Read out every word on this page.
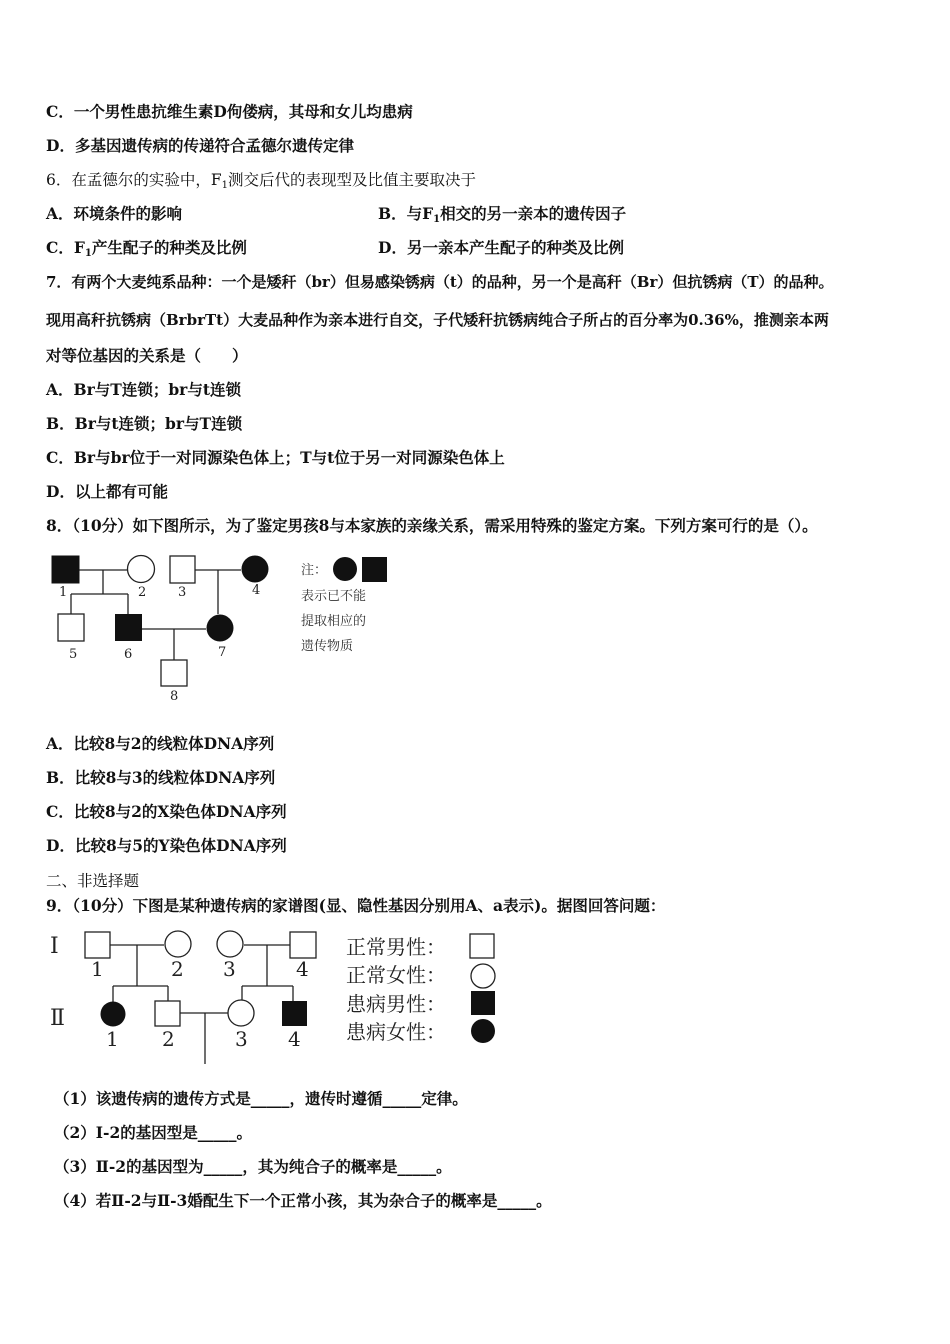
C．一个男性患抗维生素D佝偻病，其母和女儿均患病
D．多基因遗传病的传递符合孟德尔遗传定律
6．在孟德尔的实验中，$F_1$测交后代的表现型及比值主要取决于
A．环境条件的影响	B．与$F_1$相交的另一亲本的遗传因子
C．$F_1$产生配子的种类及比例	D．另一亲本产生配子的种类及比例
7．有两个大麦纯系品种：一个是矮秆（br）但易感染锈病（t）的品种，另一个是高秆（Br）但抗锈病（T）的品种。
现用高秆抗锈病（BrbrTt）大麦品种作为亲本进行自交，子代矮秆抗锈病纯合子所占的百分率为0.36%，推测亲本两
对等位基因的关系是（　　）
A．Br与T连锁；br与t连锁
B．Br与t连锁；br与T连锁
C．Br与br位于一对同源染色体上；T与t位于另一对同源染色体上
D．以上都有可能
8．（10分）如下图所示，为了鉴定男孩8与本家族的亲缘关系，需采用特殊的鉴定方案。下列方案可行的是（）。
1	2 3	4
5	6	7
8
注：
表示已不能
提取相应的
遗传物质
A．比较8与2的线粒体DNA序列
B．比较8与3的线粒体DNA序列
C．比较8与2的X染色体DNA序列
D．比较8与5的Y染色体DNA序列
二、非选择题
9．（10分）下图是某种遗传病的家谱图(显、隐性基因分别用A、a表示)。据图回答问题：
Ⅰ
Ⅱ
1	2 3	4
1 2	3 4
正常男性：
正常女性：
患病男性：
患病女性：
（1）该遗传病的遗传方式是_____，遗传时遵循_____定律。
（2）Ⅰ-2的基因型是_____。
（3）Ⅱ-2的基因型为_____，其为纯合子的概率是_____。
（4）若Ⅱ-2与Ⅱ-3婚配生下一个正常小孩，其为杂合子的概率是_____。
